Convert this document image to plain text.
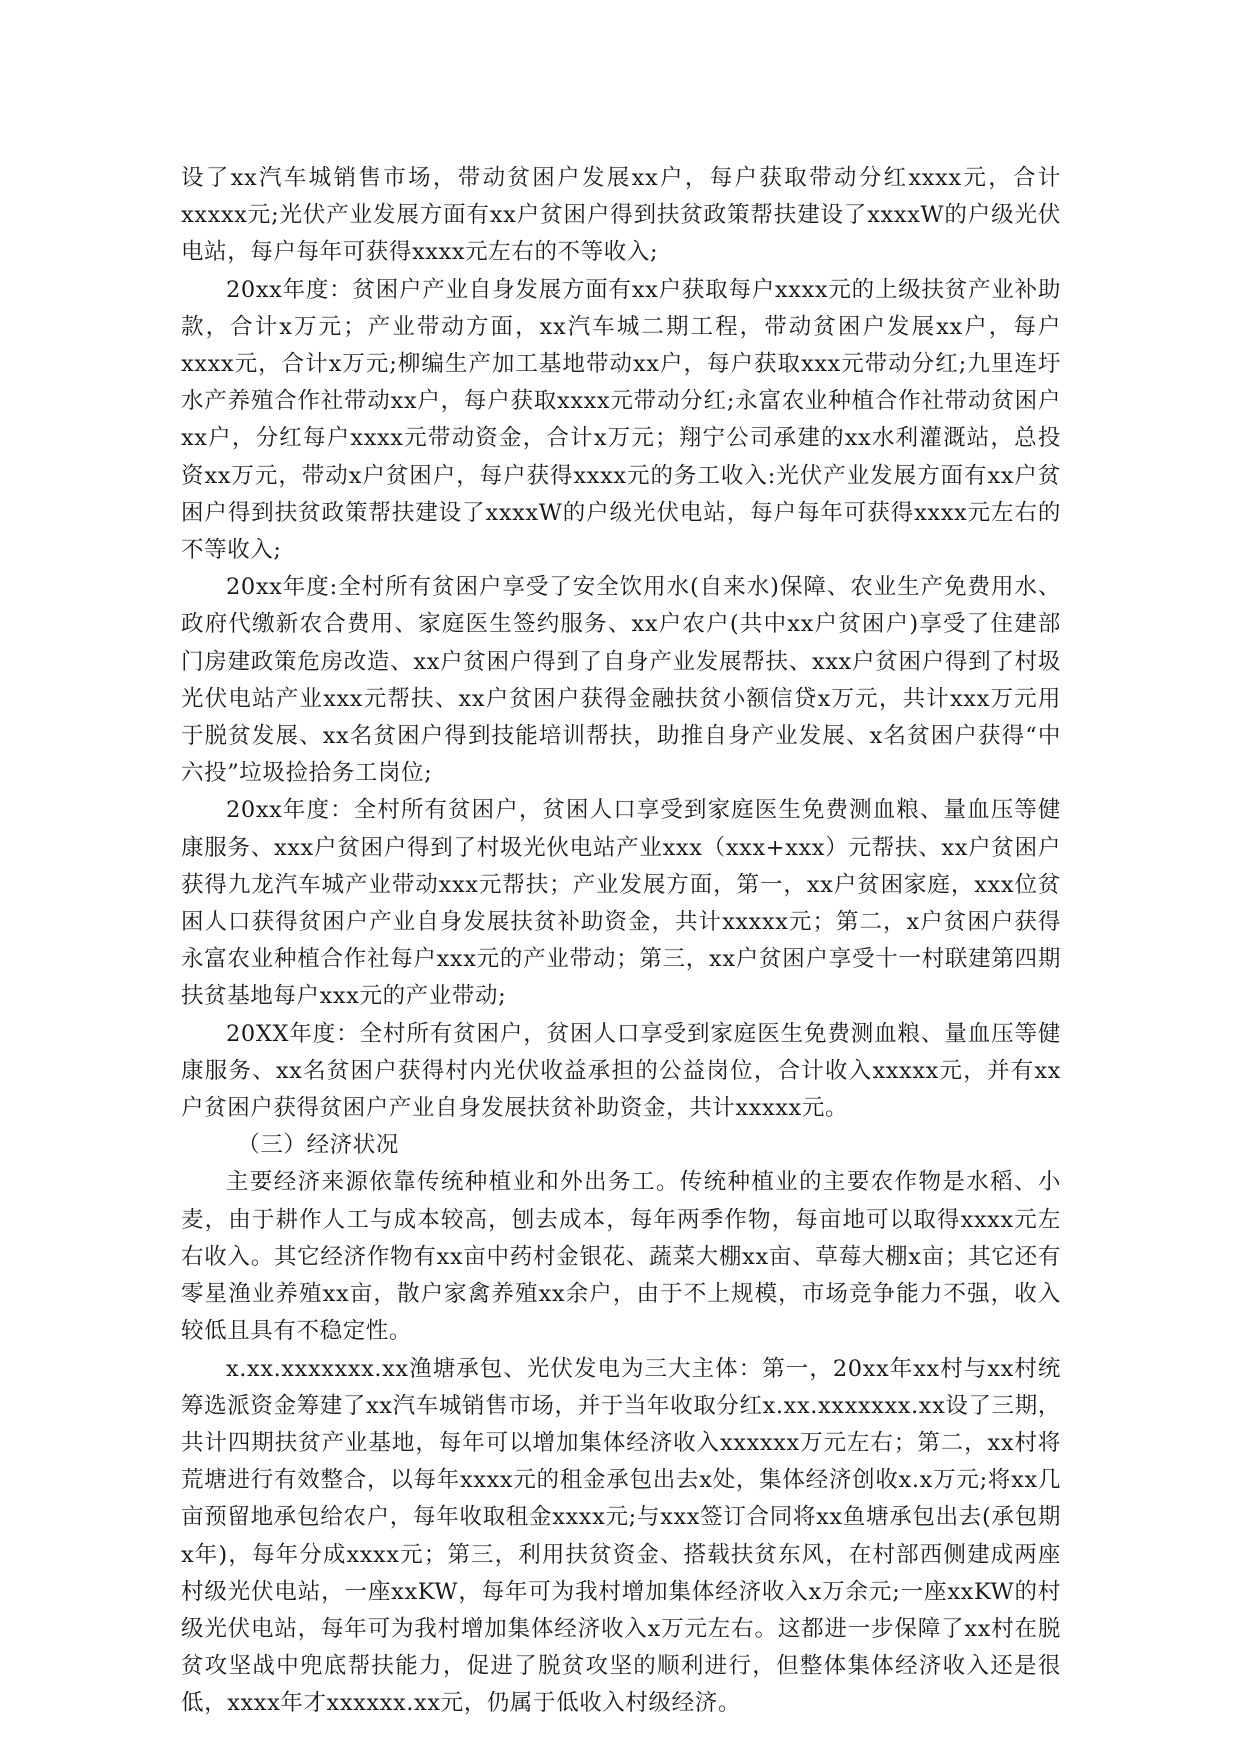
设了xx汽车城销售市场，带动贫困户发展xx户，每户获取带动分红xxxx元，合计xxxxx元;光伏产业发展方面有xx户贫困户得到扶贫政策帮扶建设了xxxxW的户级光伏电站，每户每年可获得xxxx元左右的不等收入;

20xx年度：贫困户产业自身发展方面有xx户获取每户xxxx元的上级扶贫产业补助款，合计x万元；产业带动方面，xx汽车城二期工程，带动贫困户发展xx户，每户xxxx元，合计x万元;柳编生产加工基地带动xx户，每户获取xxx元带动分红;九里连圩水产养殖合作社带动xx户，每户获取xxxx元带动分红;永富农业种植合作社带动贫困户xx户，分红每户xxxx元带动资金，合计x万元；翔宁公司承建的xx水利灌溉站，总投资xx万元，带动x户贫困户，每户获得xxxx元的务工收入:光伏产业发展方面有xx户贫困户得到扶贫政策帮扶建设了xxxxW的户级光伏电站，每户每年可获得xxxx元左右的不等收入;

20xx年度:全村所有贫困户享受了安全饮用水(自来水)保障、农业生产免费用水、政府代缴新农合费用、家庭医生签约服务、xx户农户(共中xx户贫困户)享受了住建部门房建政策危房改造、xx户贫困户得到了自身产业发展帮扶、xxx户贫困户得到了村圾光伏电站产业xxx元帮扶、xx户贫困户获得金融扶贫小额信贷x万元，共计xxx万元用于脱贫发展、xx名贫困户得到技能培训帮扶，助推自身产业发展、x名贫困户获得“中六投”垃圾捡拾务工岗位;

20xx年度：全村所有贫困户，贫困人口享受到家庭医生免费测血粮、量血压等健康服务、xxx户贫困户得到了村圾光伙电站产业xxx（xxx+xxx）元帮扶、xx户贫困户获得九龙汽车城产业带动xxx元帮扶；产业发展方面，第一，xx户贫困家庭，xxx位贫困人口获得贫困户产业自身发展扶贫补助资金，共计xxxxx元；第二，x户贫困户获得永富农业种植合作社每户xxx元的产业带动；第三，xx户贫困户享受十一村联建第四期扶贫基地每户xxx元的产业带动;

20XX年度：全村所有贫困户，贫困人口享受到家庭医生免费测血粮、量血压等健康服务、xx名贫困户获得村内光伏收益承担的公益岗位，合计收入xxxxx元，并有xx户贫困户获得贫困户产业自身发展扶贫补助资金，共计xxxxx元。

（三）经济状况

主要经济来源依靠传统种植业和外出务工。传统种植业的主要农作物是水稻、小麦，由于耕作人工与成本较高，刨去成本，每年两季作物，每亩地可以取得xxxx元左右收入。其它经济作物有xx亩中药村金银花、蔬菜大棚xx亩、草莓大棚x亩；其它还有零星渔业养殖xx亩，散户家禽养殖xx余户，由于不上规模，市场竞争能力不强，收入较低且具有不稳定性。

x.xx.xxxxxxx.xx渔塘承包、光伏发电为三大主体：第一，20xx年xx村与xx村统筹选派资金筹建了xx汽车城销售市场，并于当年收取分红x.xx.xxxxxxx.xx设了三期，共计四期扶贫产业基地，每年可以增加集体经济收入xxxxxx万元左右；第二，xx村将荒塘进行有效整合，以每年xxxx元的租金承包出去x处，集体经济创收x.x万元;将xx几亩预留地承包给农户，每年收取租金xxxx元;与xxx签订合同将xx鱼塘承包出去(承包期x年)，每年分成xxxx元；第三，利用扶贫资金、搭载扶贫东风，在村部西侧建成两座村级光伏电站，一座xxKW，每年可为我村增加集体经济收入x万余元;一座xxKW的村级光伏电站，每年可为我村增加集体经济收入x万元左右。这都进一步保障了xx村在脱贫攻坚战中兜底帮扶能力，促进了脱贫攻坚的顺利进行，但整体集体经济收入还是很低，xxxx年才xxxxxx.xx元，仍属于低收入村级经济。
